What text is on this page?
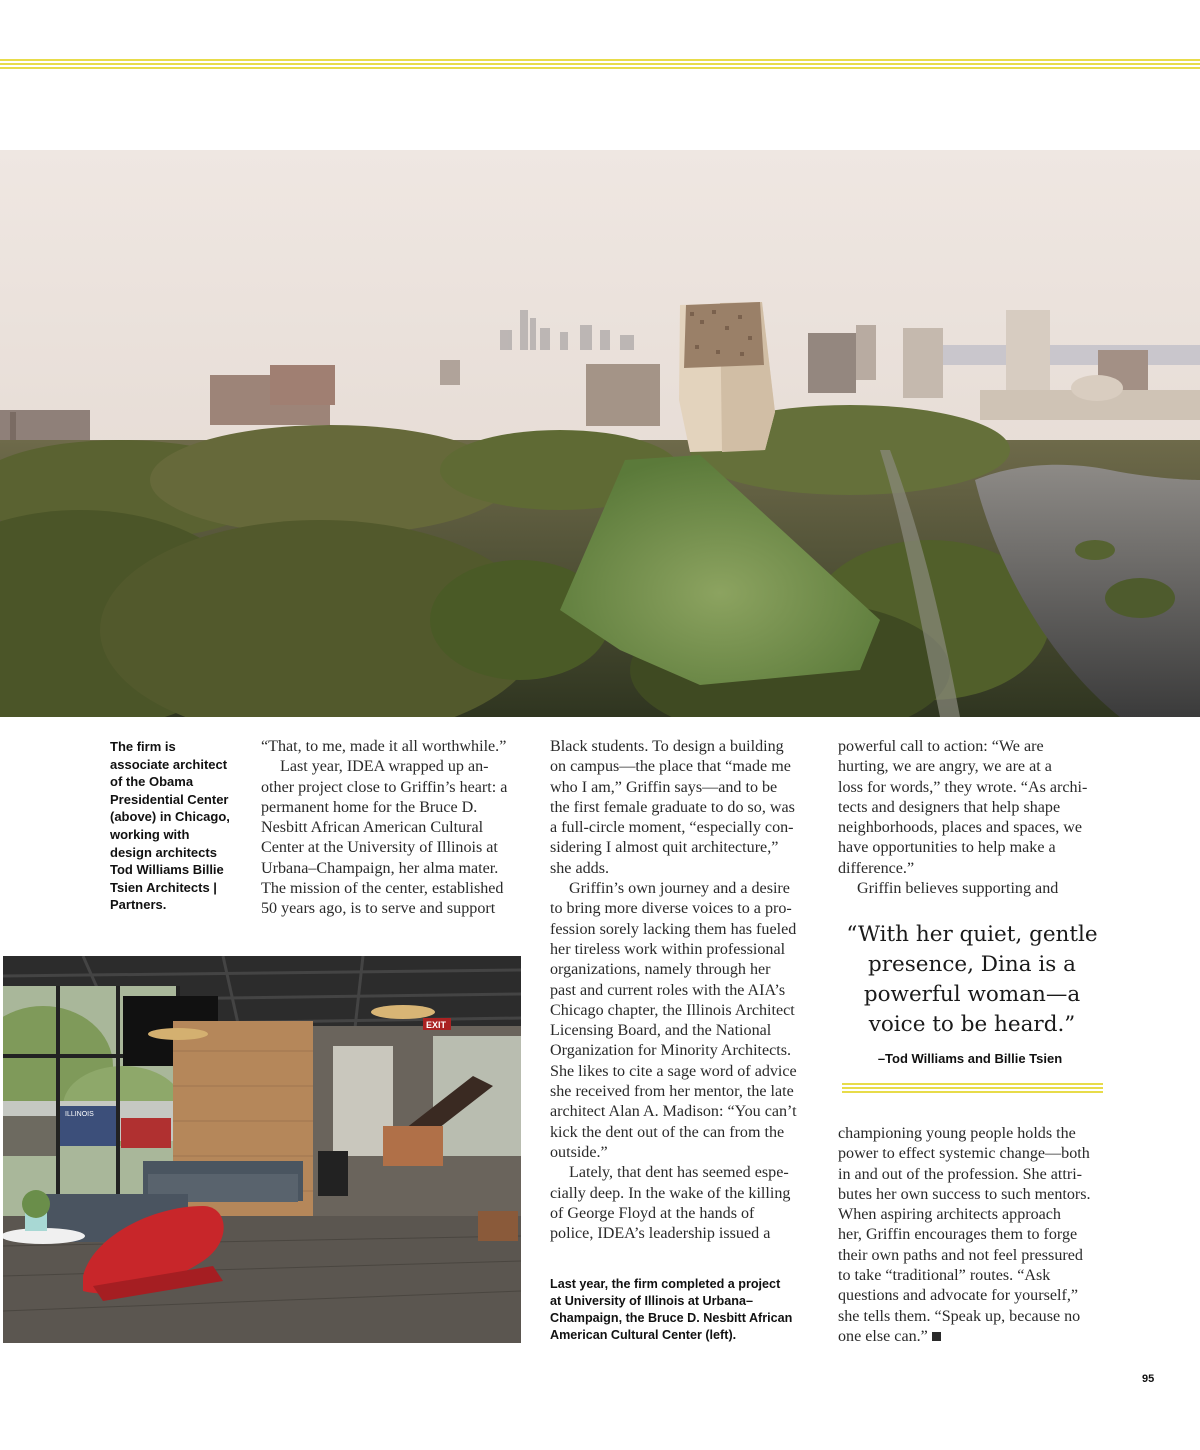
The firm is
associate architect
of the Obama
Presidential Center
(above) in Chicago,
working with
design architects
Tod Williams Billie
Tsien Architects |
Partners.
“That, to me, made it all worthwhile.”
Last year, IDEA wrapped up an-
other project close to Griffin’s heart: a
permanent home for the Bruce D.
Nesbitt African American Cultural
Center at the University of Illinois at
Urbana–Champaign, her alma mater.
The mission of the center, established
50 years ago, is to serve and support
ILLINOIS
EXIT
Black students. To design a building
on campus—the place that “made me
who I am,” Griffin says—and to be
the first female graduate to do so, was
a full-circle moment, “especially con-
sidering I almost quit architecture,”
she adds.
Griffin’s own journey and a desire
to bring more diverse voices to a pro-
fession sorely lacking them has fueled
her tireless work within professional
organizations, namely through her
past and current roles with the AIA’s
Chicago chapter, the Illinois Architect
Licensing Board, and the National
Organization for Minority Architects.
She likes to cite a sage word of advice
she received from her mentor, the late
architect Alan A. Madison: “You can’t
kick the dent out of the can from the
outside.”
Lately, that dent has seemed espe-
cially deep. In the wake of the killing
of George Floyd at the hands of
police, IDEA’s leadership issued a
Last year, the firm completed a project
at University of Illinois at Urbana–
Champaign, the Bruce D. Nesbitt African
American Cultural Center (left).
powerful call to action: “We are
hurting, we are angry, we are at a
loss for words,” they wrote. “As archi-
tects and designers that help shape
neighborhoods, places and spaces, we
have opportunities to help make a
difference.”
Griffin believes supporting and
“With her quiet, gentle
presence, Dina is a
powerful woman—a
voice to be heard.”
–Tod Williams and Billie Tsien
championing young people holds the
power to effect systemic change—both
in and out of the profession. She attri-
butes her own success to such mentors.
When aspiring architects approach
her, Griffin encourages them to forge
their own paths and not feel pressured
to take “traditional” routes. “Ask
questions and advocate for yourself,”
she tells them. “Speak up, because no
one else can.”
95
